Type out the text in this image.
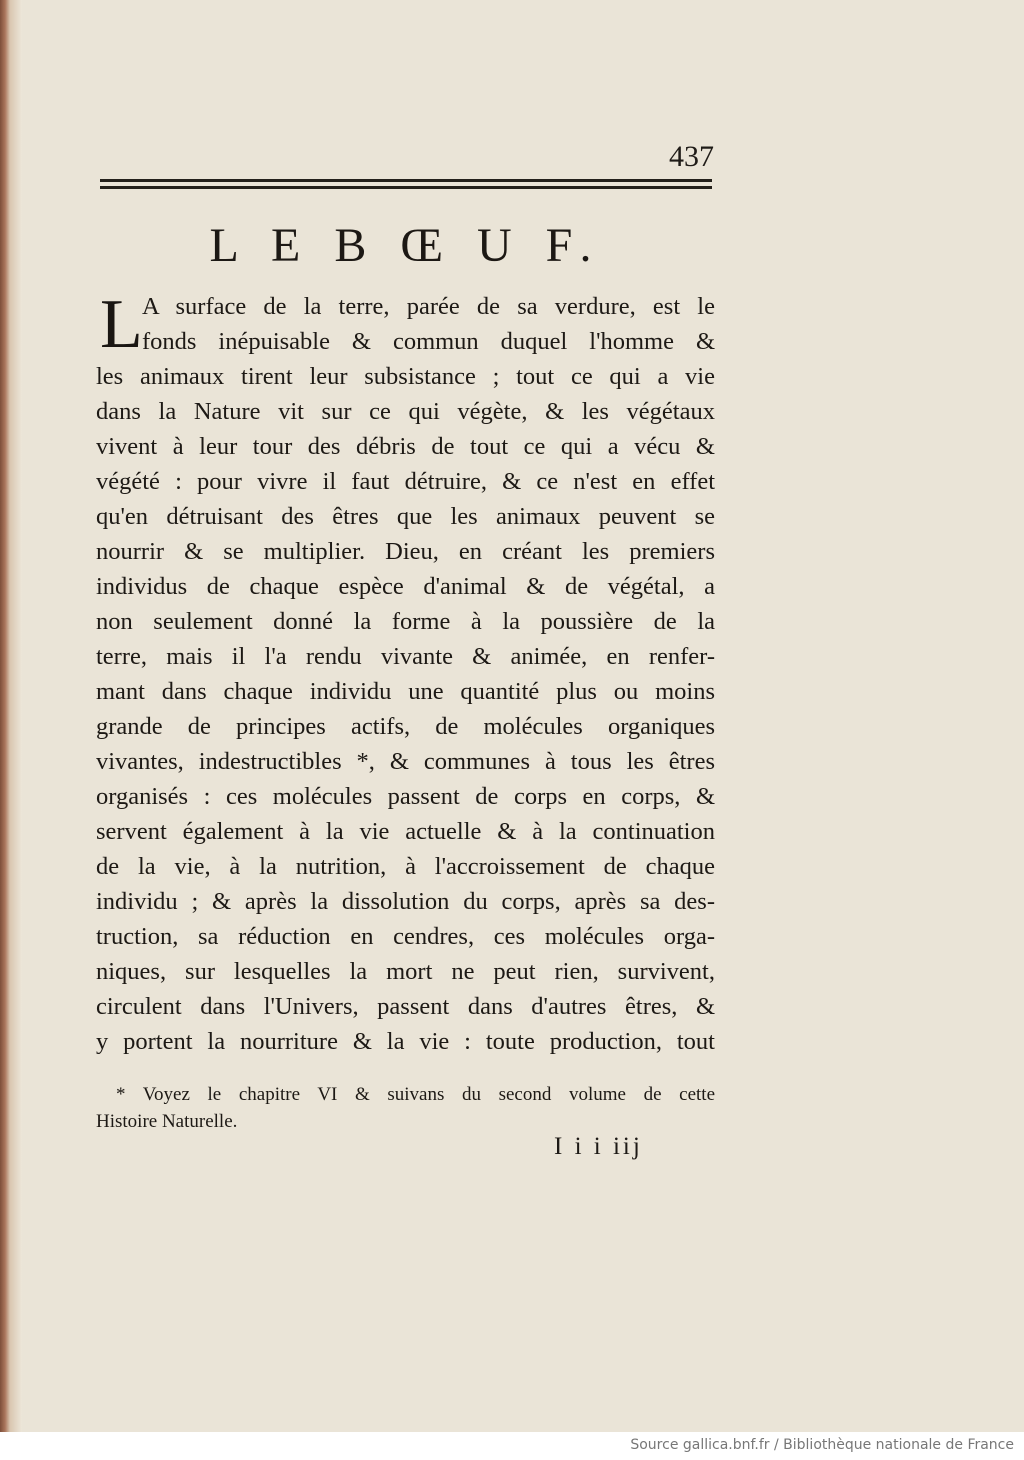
437

L E B Œ U F.
L A surface de la terre, parée de sa verdure, est le
fonds inépuisable & commun duquel l'homme &
les animaux tirent leur subsistance ; tout ce qui a vie
dans la Nature vit sur ce qui végète, & les végétaux
vivent à leur tour des débris de tout ce qui a vécu &
végété : pour vivre il faut détruire, & ce n'est en effet
qu'en détruisant des êtres que les animaux peuvent se
nourrir & se multiplier. Dieu, en créant les premiers
individus de chaque espèce d'animal & de végétal, a
non seulement donné la forme à la poussière de la
terre, mais il l'a rendu vivante & animée, en renfer-
mant dans chaque individu une quantité plus ou moins
grande de principes actifs, de molécules organiques
vivantes, indestructibles *, & communes à tous les êtres
organisés : ces molécules passent de corps en corps, &
servent également à la vie actuelle & à la continuation
de la vie, à la nutrition, à l'accroissement de chaque
individu ; & après la dissolution du corps, après sa des-
truction, sa réduction en cendres, ces molécules orga-
niques, sur lesquelles la mort ne peut rien, survivent,
circulent dans l'Univers, passent dans d'autres êtres, &
y portent la nourriture & la vie : toute production, tout
* Voyez le chapitre VI & suivans du second volume de cette
Histoire Naturelle.

I i i iij

Source gallica.bnf.fr / Bibliothèque nationale de France
